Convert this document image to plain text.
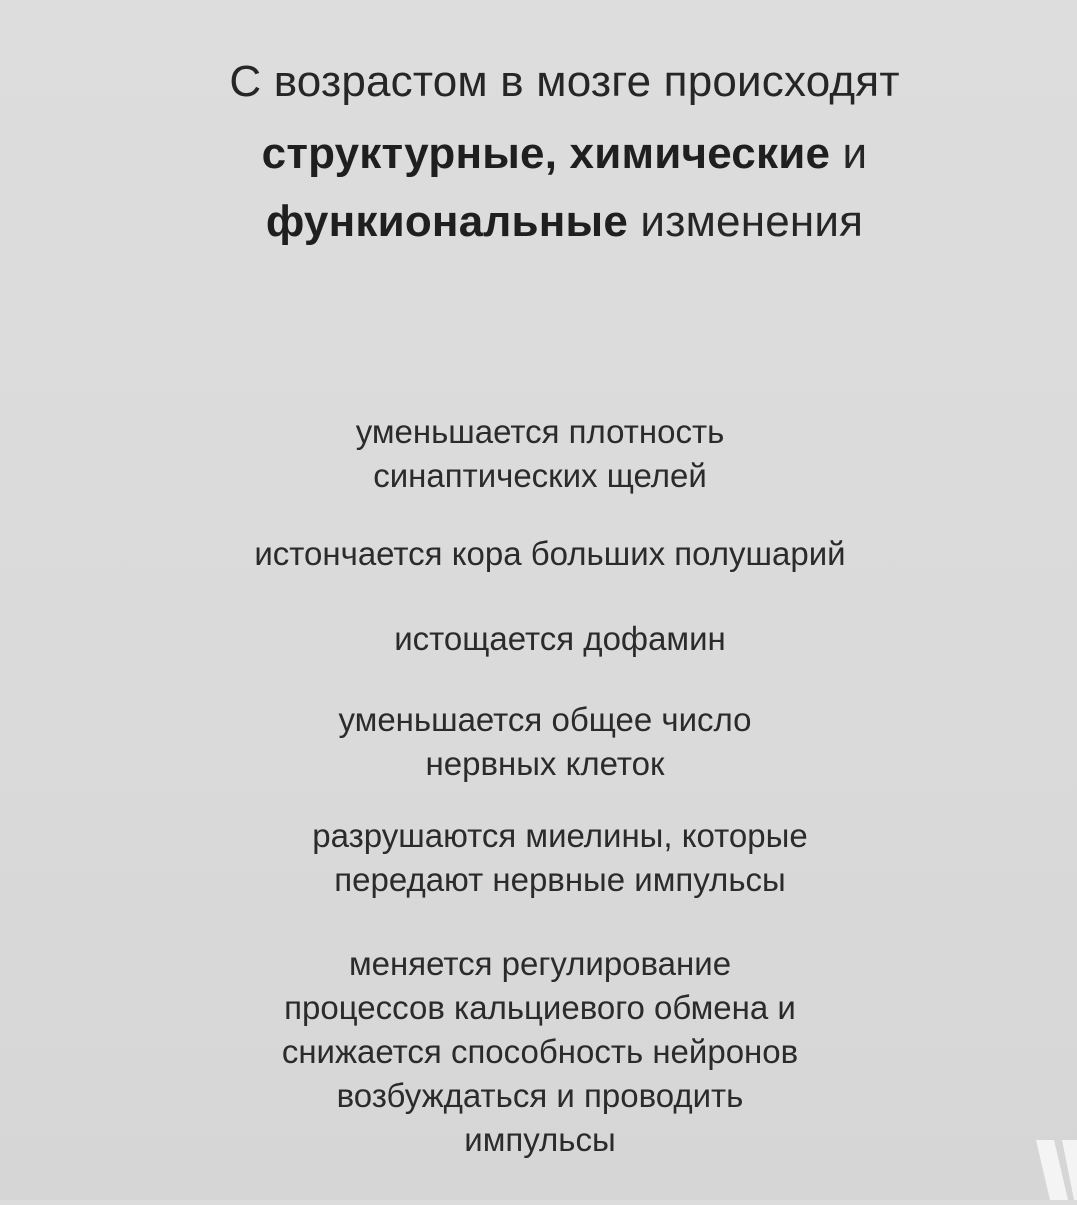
С возрастом в мозге происходят
структурные, химические и
функиональные изменения
уменьшается плотность
синаптических щелей
истончается кора больших полушарий
истощается дофамин
уменьшается общее число
нервных клеток
разрушаются миелины, которые
передают нервные импульсы
меняется регулирование
процессов кальциевого обмена и
снижается способность нейронов
возбуждаться и проводить
импульсы
